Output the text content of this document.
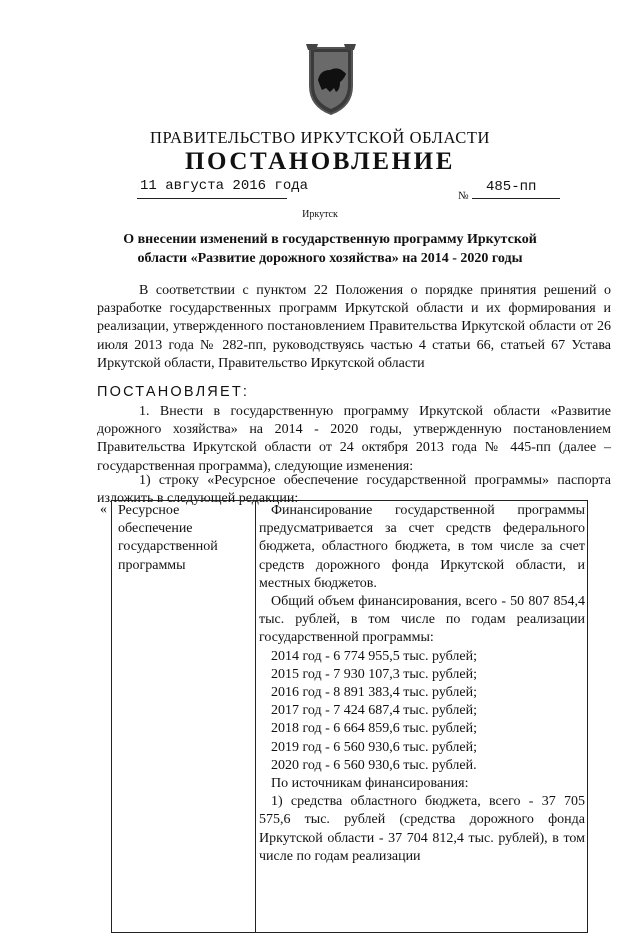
ПРАВИТЕЛЬСТВО ИРКУТСКОЙ ОБЛАСТИ
ПОСТАНОВЛЕНИЕ
11 августа 2016 года
№
485-пп
Иркутск
О внесении изменений в государственную программу Иркутской области «Развитие дорожного хозяйства» на 2014 - 2020 годы
В соответствии с пунктом 22 Положения о порядке принятия решений о разработке государственных программ Иркутской области и их формирования и реализации, утвержденного постановлением Правительства Иркутской области от 26 июля 2013 года № 282-пп, руководствуясь частью 4 статьи 66, статьей 67 Устава Иркутской области, Правительство Иркутской области
ПОСТАНОВЛЯЕТ:
1. Внести в государственную программу Иркутской области «Развитие дорожного хозяйства» на 2014 - 2020 годы, утвержденную постановлением Правительства Иркутской области от 24 октября 2013 года № 445-пп (далее – государственная программа), следующие изменения:
1) строку «Ресурсное обеспечение государственной программы» паспорта изложить в следующей редакции:
« Ресурсное обеспечение государственной программы

Финансирование государственной программы предусматривается за счет средств федерального бюджета, областного бюджета, в том числе за счет средств дорожного фонда Иркутской области, и местных бюджетов.

Общий объем финансирования, всего - 50 807 854,4 тыс. рублей, в том числе по годам реализации государственной программы:

2014 год - 6 774 955,5 тыс. рублей;
2015 год - 7 930 107,3 тыс. рублей;
2016 год - 8 891 383,4 тыс. рублей;
2017 год - 7 424 687,4 тыс. рублей;
2018 год - 6 664 859,6 тыс. рублей;
2019 год - 6 560 930,6 тыс. рублей;
2020 год - 6 560 930,6 тыс. рублей.

По источникам финансирования:

1) средства областного бюджета, всего - 37 705 575,6 тыс. рублей (средства дорожного фонда Иркутской области - 37 704 812,4 тыс. рублей), в том числе по годам реализации
